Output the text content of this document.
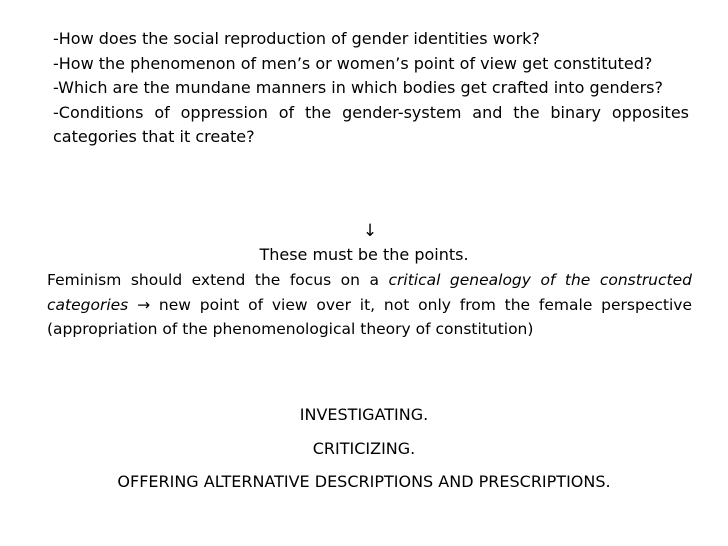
-How does the social reproduction of gender identities work?

-How the phenomenon of men’s or women’s point of view get constituted?

-Which are the mundane manners in which bodies get crafted into genders?

-Conditions of oppression of the gender-system and the binary opposites categories that it create?

↓
These must be the points.

Feminism should extend the focus on a critical genealogy of the constructed categories → new point of view over it, not only from the female perspective (appropriation of the phenomenological theory of constitution)

INVESTIGATING.
CRITICIZING.
OFFERING ALTERNATIVE DESCRIPTIONS AND PRESCRIPTIONS.
